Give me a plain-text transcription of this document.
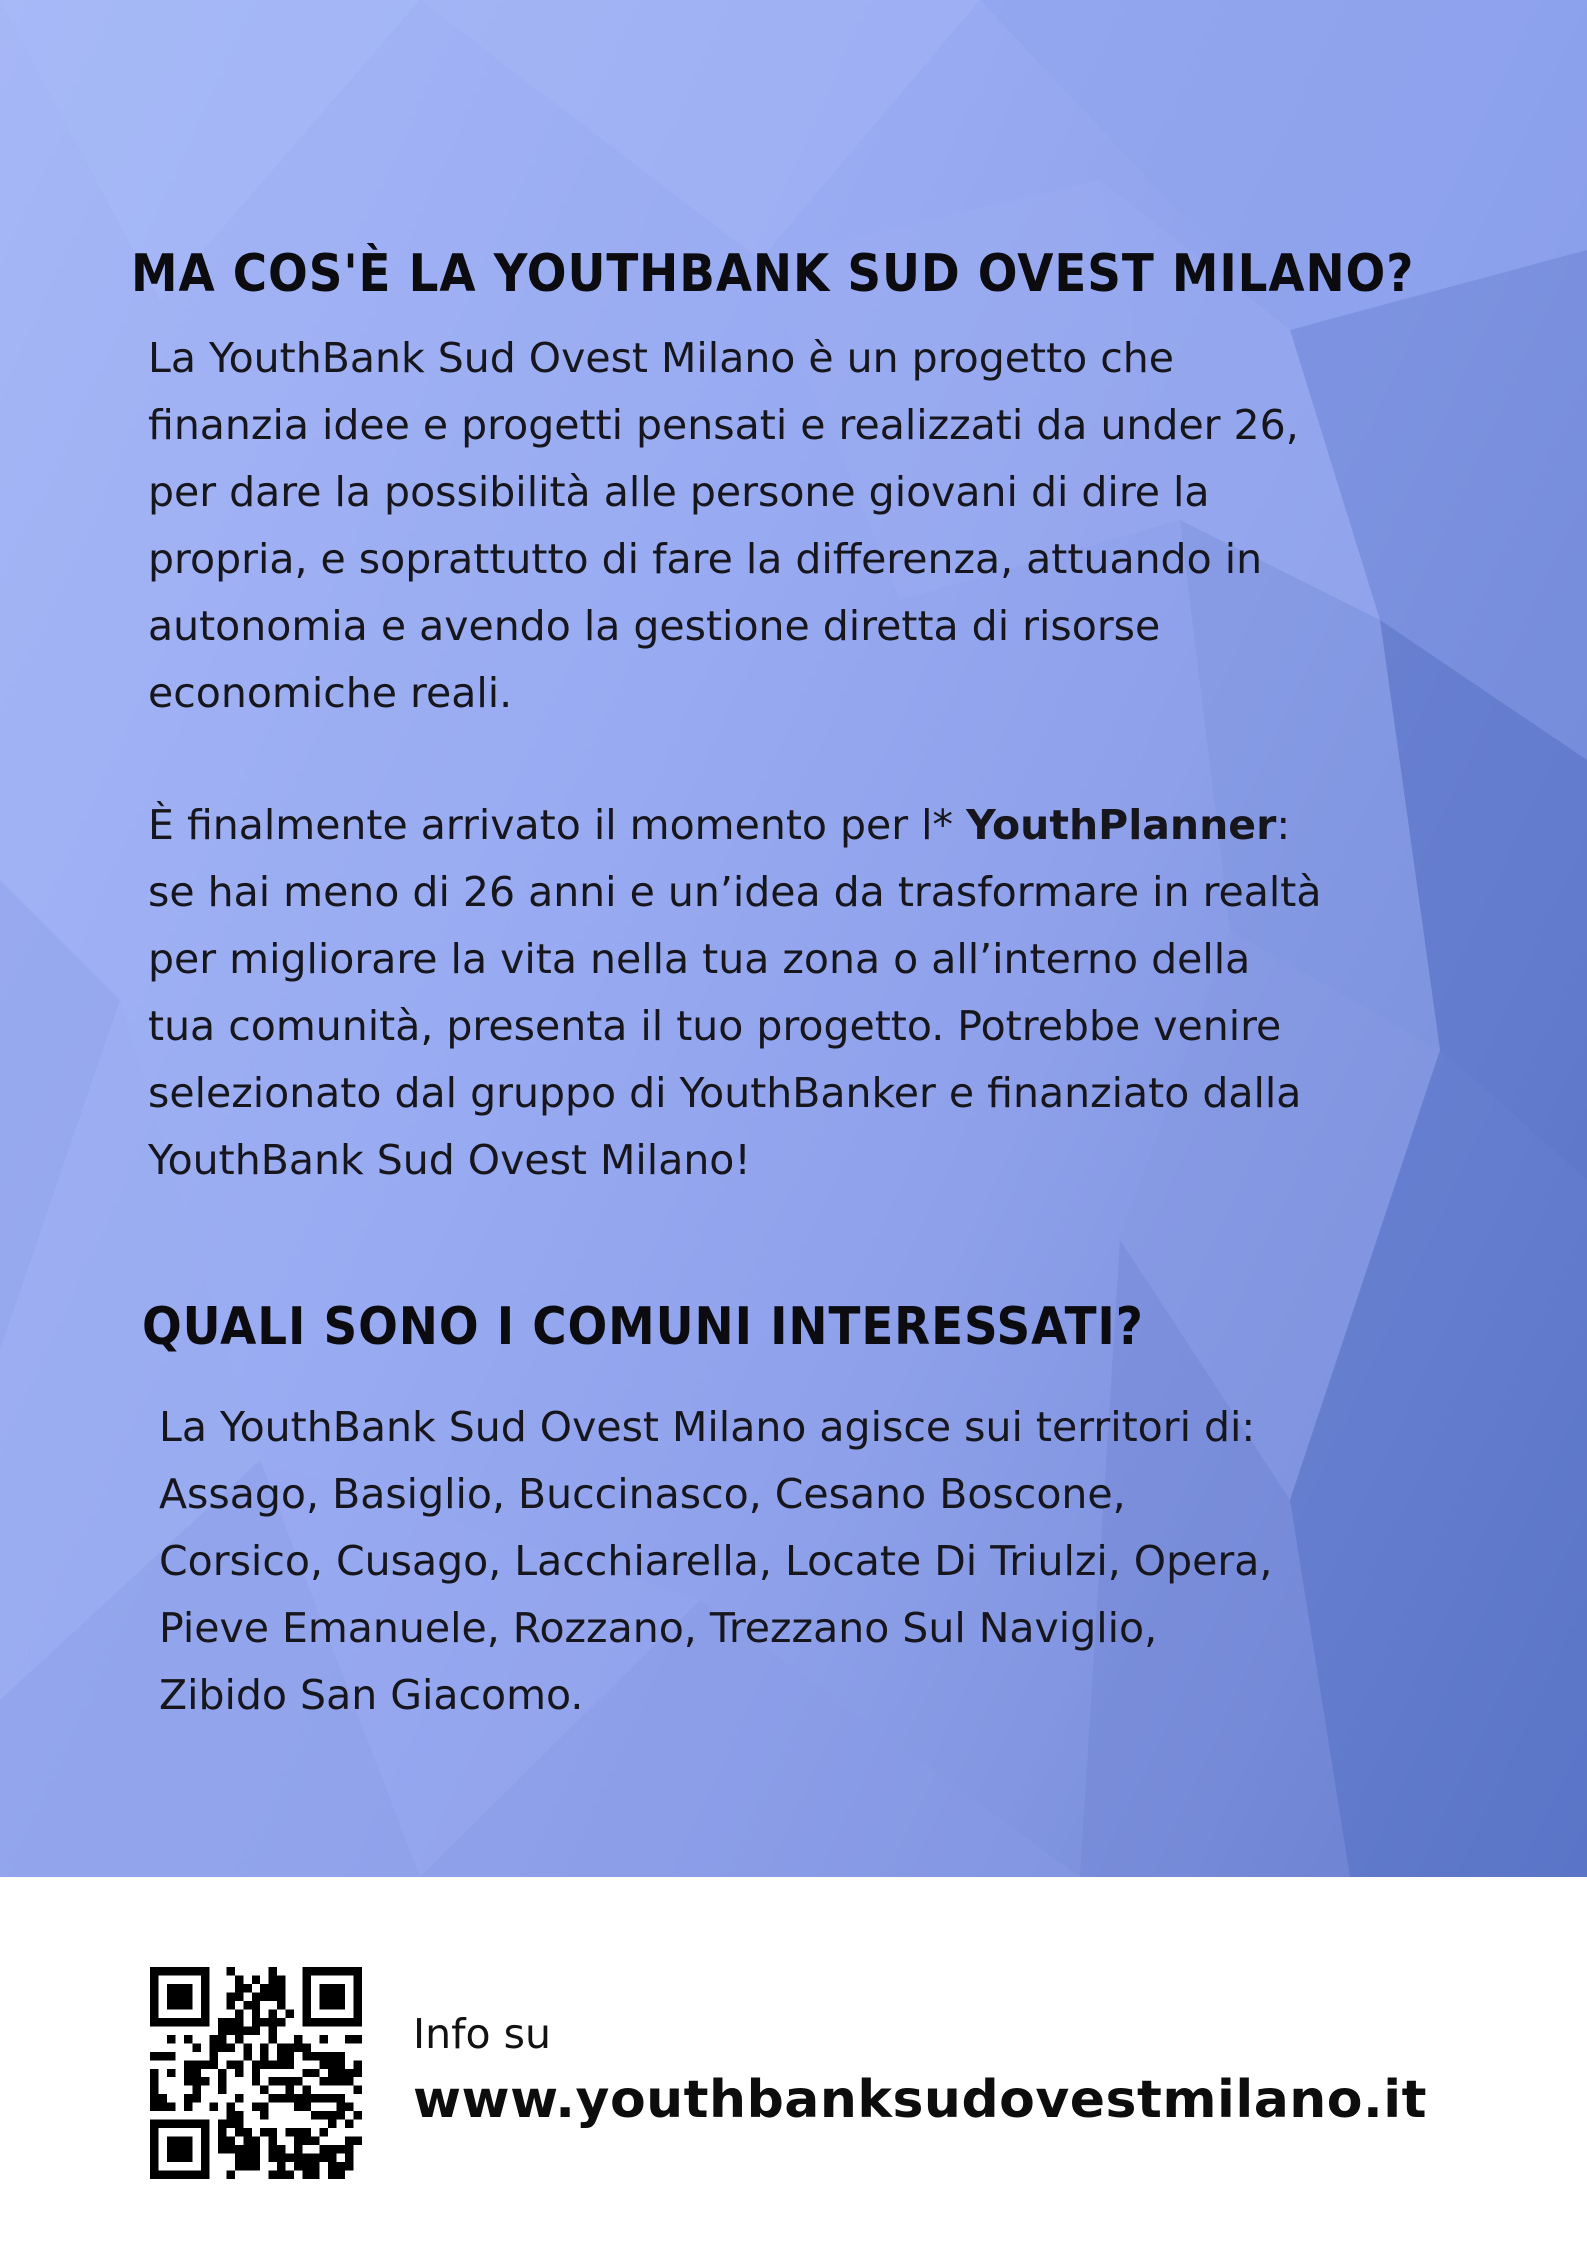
MA COS'È LA YOUTHBANK SUD OVEST MILANO?
La YouthBank Sud Ovest Milano è un progetto che
finanzia idee e progetti pensati e realizzati da under 26,
per dare la possibilità alle persone giovani di dire la
propria, e soprattutto di fare la differenza, attuando in
autonomia e avendo la gestione diretta di risorse
economiche reali.
È finalmente arrivato il momento per l* YouthPlanner:
se hai meno di 26 anni e un’idea da trasformare in realtà
per migliorare la vita nella tua zona o all’interno della
tua comunità, presenta il tuo progetto. Potrebbe venire
selezionato dal gruppo di YouthBanker e finanziato dalla
YouthBank Sud Ovest Milano!
QUALI SONO I COMUNI INTERESSATI?
La YouthBank Sud Ovest Milano agisce sui territori di:
Assago, Basiglio, Buccinasco, Cesano Boscone,
Corsico, Cusago, Lacchiarella, Locate Di Triulzi, Opera,
Pieve Emanuele, Rozzano, Trezzano Sul Naviglio,
Zibido San Giacomo.
Info su
www.youthbanksudovestmilano.it
